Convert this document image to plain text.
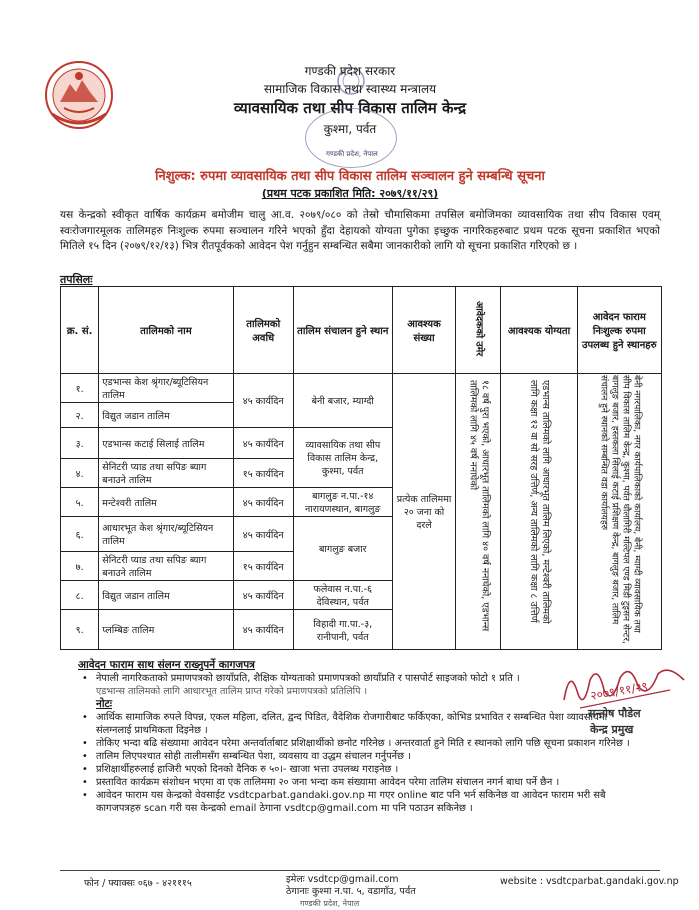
गण्डकी प्रदेश सरकार
सामाजिक विकास तथा स्वास्थ्य मन्त्रालय
व्यावसायिक तथा सीप विकास तालिम केन्द्र
कुश्मा, पर्वत
गण्डकी प्रदेश, नेपाल
निशुल्क: रुपमा व्यावसायिक तथा सीप विकास तालिम सञ्चालन हुने सम्बन्धि सूचना
(प्रथम पटक प्रकाशित मिति: २०७९/११/२९)
यस केन्द्रको स्वीकृत वार्षिक कार्यक्रम बमोजीम चालु आ.व. २०७९/०८० को तेस्रो चौमासिकमा तपसिल बमोजिमका व्यावसायिक तथा सीप विकास एवम् स्वःरोजगारमूलक तालिमहरु निःशुल्क रुपमा सञ्चालन गरिने भएको हुँदा देहायको योग्यता पुगेका इच्छुक नागरिकहरुबाट प्रथम पटक सूचना प्रकाशित भएको मितिले १५ दिन (२०७९/१२/१३) भित्र रीतपूर्वकको आवेदन पेश गर्नुहुन सम्बन्धित सबैमा जानकारीको लागि यो सूचना प्रकाशित गरिएको छ ।
तपसिलः
क्र. सं.	तालिमको नाम	तालिमको अवधि	तालिम संचालन हुने स्थान	आवश्यक संख्या	आवेदकको उमेर	आवश्यक योग्यता	आवेदन फाराम निःशुल्क रुपमा उपलब्ध हुने स्थानहरु
१.	एडभान्स केश श्रृंगार/ब्यूटिसियन तालिम	४५ कार्यदिन	बेनी बजार, म्याग्दी	प्रत्येक तालिममा २० जना को दरले	१८ वर्ष पुरा भएको, आधारभूत तालिमको लागि ४० वर्ष ननाघेको, एडभान्स तालिमको लागि ४५ वर्ष ननाघेको	एडभान्स तालिमको लागि आधारभूत तालिम लिएको, मन्टेश्वरी तालिमको लागि कक्षा १२ वा सो सरह उत्तिर्ण, अन्य तालिमको लागि कक्षा ८ उत्तिर्ण	बेनी नगरपालिका, नगर कार्यपालिकाको कार्यालय, बेनी, म्याग्दी व्यावसायिक तथा सीप विकास तालिम केन्द्र, कुश्मा, पर्वत धौलागिरी मल्टिपल एण्ड मिडी टुइसन सेन्टर, बागलुङ बजार, हस्तकला सिलाई कटाई प्रशिक्षण केन्द्र, बागलुङ बजार, तालिम संचालन हुने स्थानको सम्बन्धित वडा कार्यालयहरु
२.	विद्युत जडान तालिम						
३.	एडभान्स कटाई सिलाई तालिम	४५ कार्यदिन	व्यावसायिक तथा सीप विकास तालिम केन्द्र, कुश्मा, पर्वत				
४.	सेनिटरी प्याड तथा सपिङ ब्याग बनाउने तालिम	१५ कार्यदिन					
५.	मन्टेश्वरी तालिम	४५ कार्यदिन	बागलुङ न.पा.-१४ नारायणस्थान, बागलुङ				
६.	आधारभूत केश श्रृंगार/ब्यूटिसियन तालिम	४५ कार्यदिन	बागलुङ बजार				
७.	सेनिटरी प्याड तथा सपिङ ब्याग बनाउने तालिम	१५ कार्यदिन					
८.	विद्युत जडान तालिम	४५ कार्यदिन	फलेवास न.पा.-६ देविस्थान, पर्वत				
९.	प्लम्बिङ तालिम	४५ कार्यदिन	विहादी गा.पा.-३, रानीपानी, पर्वत				
आवेदन फाराम साथ संलग्न राख्नुपर्ने कागजपत्र
• नेपाली नागरिकताको प्रमाणपत्रको छायाँप्रति, शैक्षिक योग्यताको प्रमाणपत्रको छायाँप्रति र पासपोर्ट साइजको फोटो १ प्रति ।
एडभान्स तालिमको लागि आधारभूत तालिम प्राप्त गरेको प्रमाणपत्रको प्रतिलिपि ।
नोटः
• आर्थिक सामाजिक रुपले विपन्न, एकल महिला, दलित, द्वन्द पिडित, वैदेशिक रोजगारीबाट फर्किएका, कोभिड प्रभावित र सम्बन्धित पेशा व्यावसायमा संलग्नलाई प्राथमिकता दिइनेछ ।
• तोकिए भन्दा बढि संख्यामा आवेदन परेमा अन्तर्वार्ताबाट प्रशिक्षार्थीको छनोट गरिनेछ । अन्तरवार्ता हुने मिति र स्थानको लागि पछि सूचना प्रकाशन गरिनेछ ।
• तालिम लिएपश्चात सोही तालीमसँग सम्बन्धित पेशा, व्यवसाय वा उद्धम संचालन गर्नुपर्नेछ ।
• प्रशिक्षार्थीहरुलाई हाजिरी भएको दिनको दैनिक रु ५०।- खाजा भत्ता उपलब्ध गराइनेछ ।
• प्रस्तावित कार्यक्रम संशोधन भएमा वा एक तालिममा २० जना भन्दा कम संख्यामा आवेदन परेमा तालिम संचालन नगर्न बाधा पर्ने छैन ।
• आवेदन फाराम यस केन्द्रको वेवसाईट vsdtcparbat.gandaki.gov.np मा गएर online बाट पनि भर्न सकिनेछ वा आवेदन फाराम भरी सबै कागजपत्रहरु scan गरी यस केन्द्रको email ठेगाना vsdtcp@gmail.com मा पनि पठाउन सकिनेछ ।
२०७९/११/२९
सन्तोष पौडेल
केन्द्र प्रमुख
फोन / फ्याक्सः ०६७ - ४२१११५	इमेलः vsdtcp@gmail.com
ठेगानाः कुश्मा न.पा. ५, वडागाँउ, पर्वत
website : vsdtcparbat.gandaki.gov.np
गण्डकी प्रदेश, नेपाल
